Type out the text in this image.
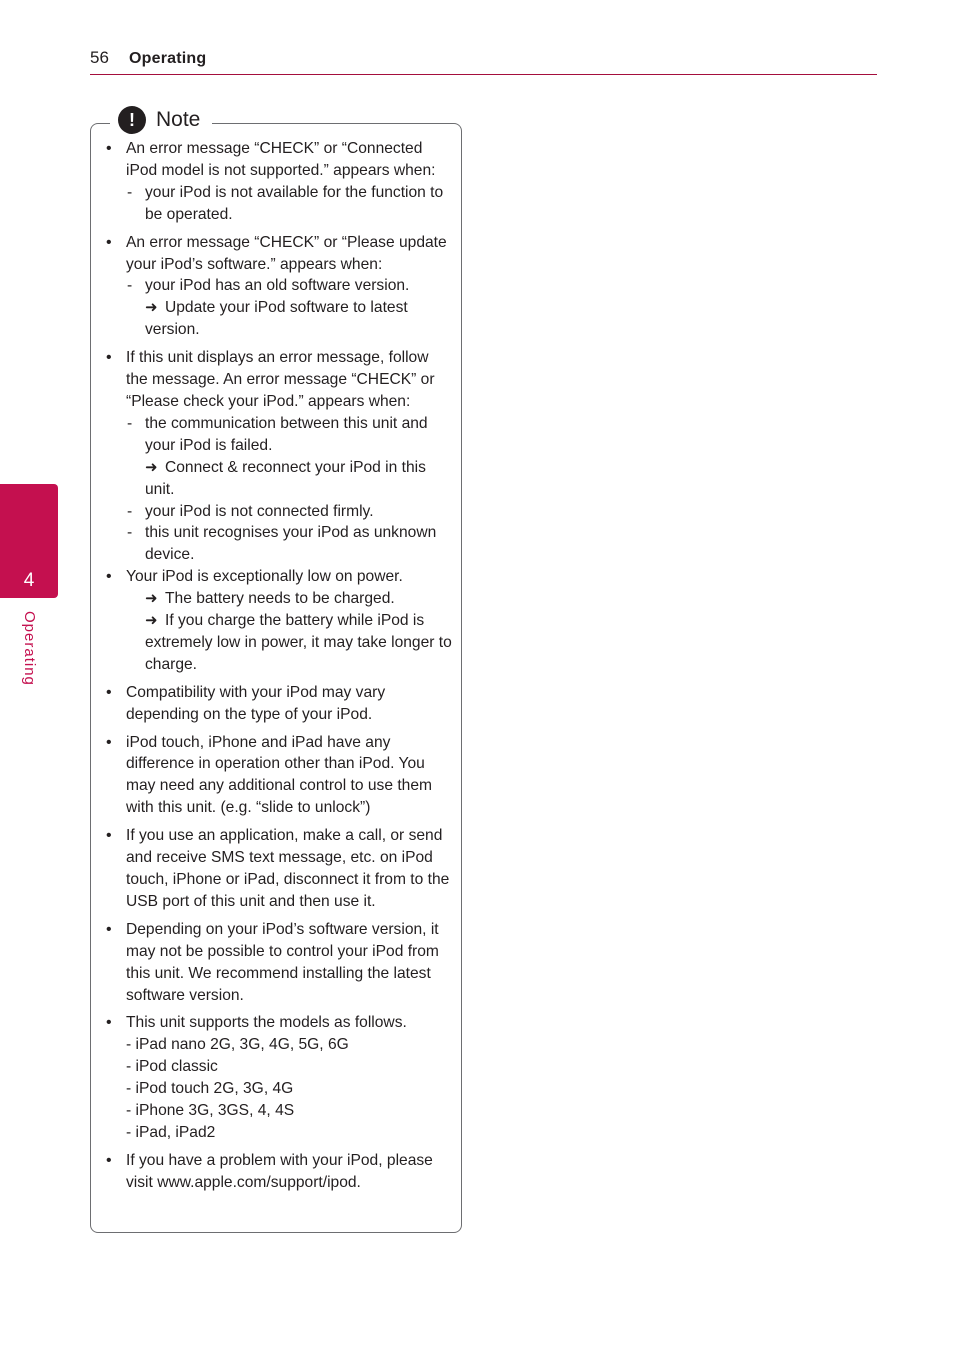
56 Operating
4
Operating
!	Note
• An error message “CHECK” or “Connected iPod model is not supported.” appears when:
- your iPod is not available for the function to be operated.
• An error message “CHECK” or “Please update your iPod’s software.” appears when:
- your iPod has an old software version.
➜ Update your iPod software to latest version.
• If this unit displays an error message, follow the message. An error message “CHECK” or “Please check your iPod.” appears when:
- the communication between this unit and your iPod is failed.
➜ Connect & reconnect your iPod in this unit.
- your iPod is not connected firmly.
- this unit recognises your iPod as unknown device.
• Your iPod is exceptionally low on power.
➜ The battery needs to be charged.
➜ If you charge the battery while iPod is extremely low in power, it may take longer to charge.
• Compatibility with your iPod may vary depending on the type of your iPod.
• iPod touch, iPhone and iPad have any difference in operation other than iPod. You may need any additional control to use them with this unit. (e.g. “slide to unlock”)
• If you use an application, make a call, or send and receive SMS text message, etc. on iPod touch, iPhone or iPad, disconnect it from to the USB port of this unit and then use it.
• Depending on your iPod’s software version, it may not be possible to control your iPod from this unit. We recommend installing the latest software version.
• This unit supports the models as follows.
- iPad nano 2G, 3G, 4G, 5G, 6G
- iPod classic
- iPod touch 2G, 3G, 4G
- iPhone 3G, 3GS, 4, 4S
- iPad, iPad2
• If you have a problem with your iPod, please visit www.apple.com/support/ipod.
